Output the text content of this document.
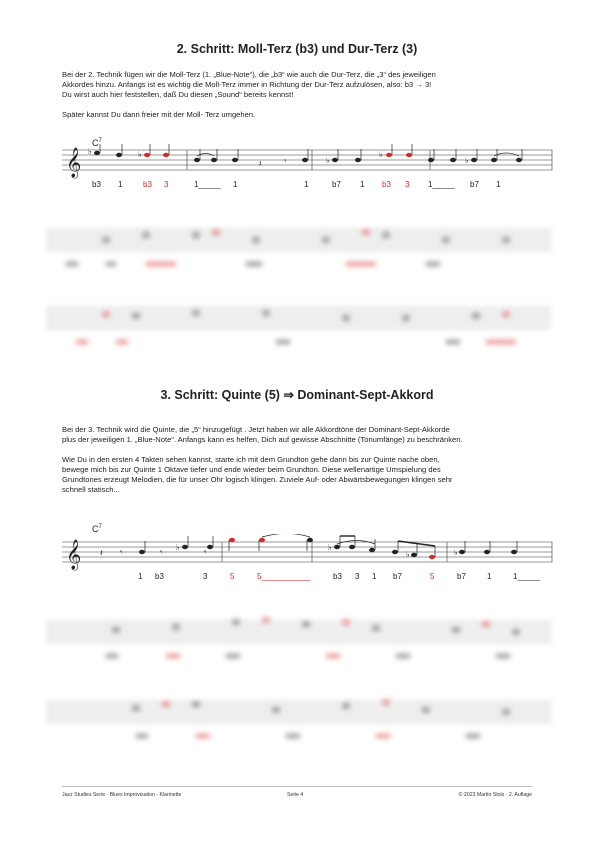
2. Schritt: Moll-Terz (b3) und Dur-Terz (3)

Bei der 2. Technik fügen wir die Moll-Terz (1. „Blue-Note“), die „b3“ wie auch die Dur-Terz, die „3“ des jeweiligen

Akkordes hinzu. Anfangs ist es wichtig die Moll-Terz immer in Richtung der Dur-Terz aufzulösen, also: b3 → 3!

Du wirst auch hier feststellen, daß Du diesen „Sound“ bereits kennst!

Später kannst Du dann freier mit der Moll- Terz umgehen.

$C^7$
𝄞 ♭	♭
𝄽	𝄾	♭
♭
♭
b3 1	b3 3	1_____ 1	1	b7 1 b3 3 1_____ b7 1
3. Schritt: Quinte (5) ⇒ Dominant-Sept-Akkord

Bei der 3. Technik wird die Quinte, die „5“ hinzugefügt . Jetzt haben wir alle Akkordtöne der Dominant-Sept-Akkorde

plus der jeweiligen 1. „Blue-Note“. Anfangs kann es helfen, Dich auf gewisse Abschnitte (Tonumfänge) zu beschränken.

Wie Du in den ersten 4 Takten sehen kannst, starte ich mit dem Grundton gehe dann bis zur Quinte nache oben,

bewege mich bis zur Quinte 1 Oktave tiefer und ende wieder beim Grundton. Diese wellenartige Umspielung des

Grundtones erzeugt Melodien, die für unser Ohr logisch klingen. Zuviele Auf- oder Abwärtsbewegungen klingen sehr

schnell statisch...

$C^7$
𝄞 𝄽 𝄾	𝄾
♭
𝄾
♭
♭	♭
1 b3	3	5	5___________	b3 3 1 b7	5	b7	1	1_____
Jazz Studies Serie · Blues Improvisation - Klarinette	Seite 4	© 2023 Martin Stolz · 2. Auflage
